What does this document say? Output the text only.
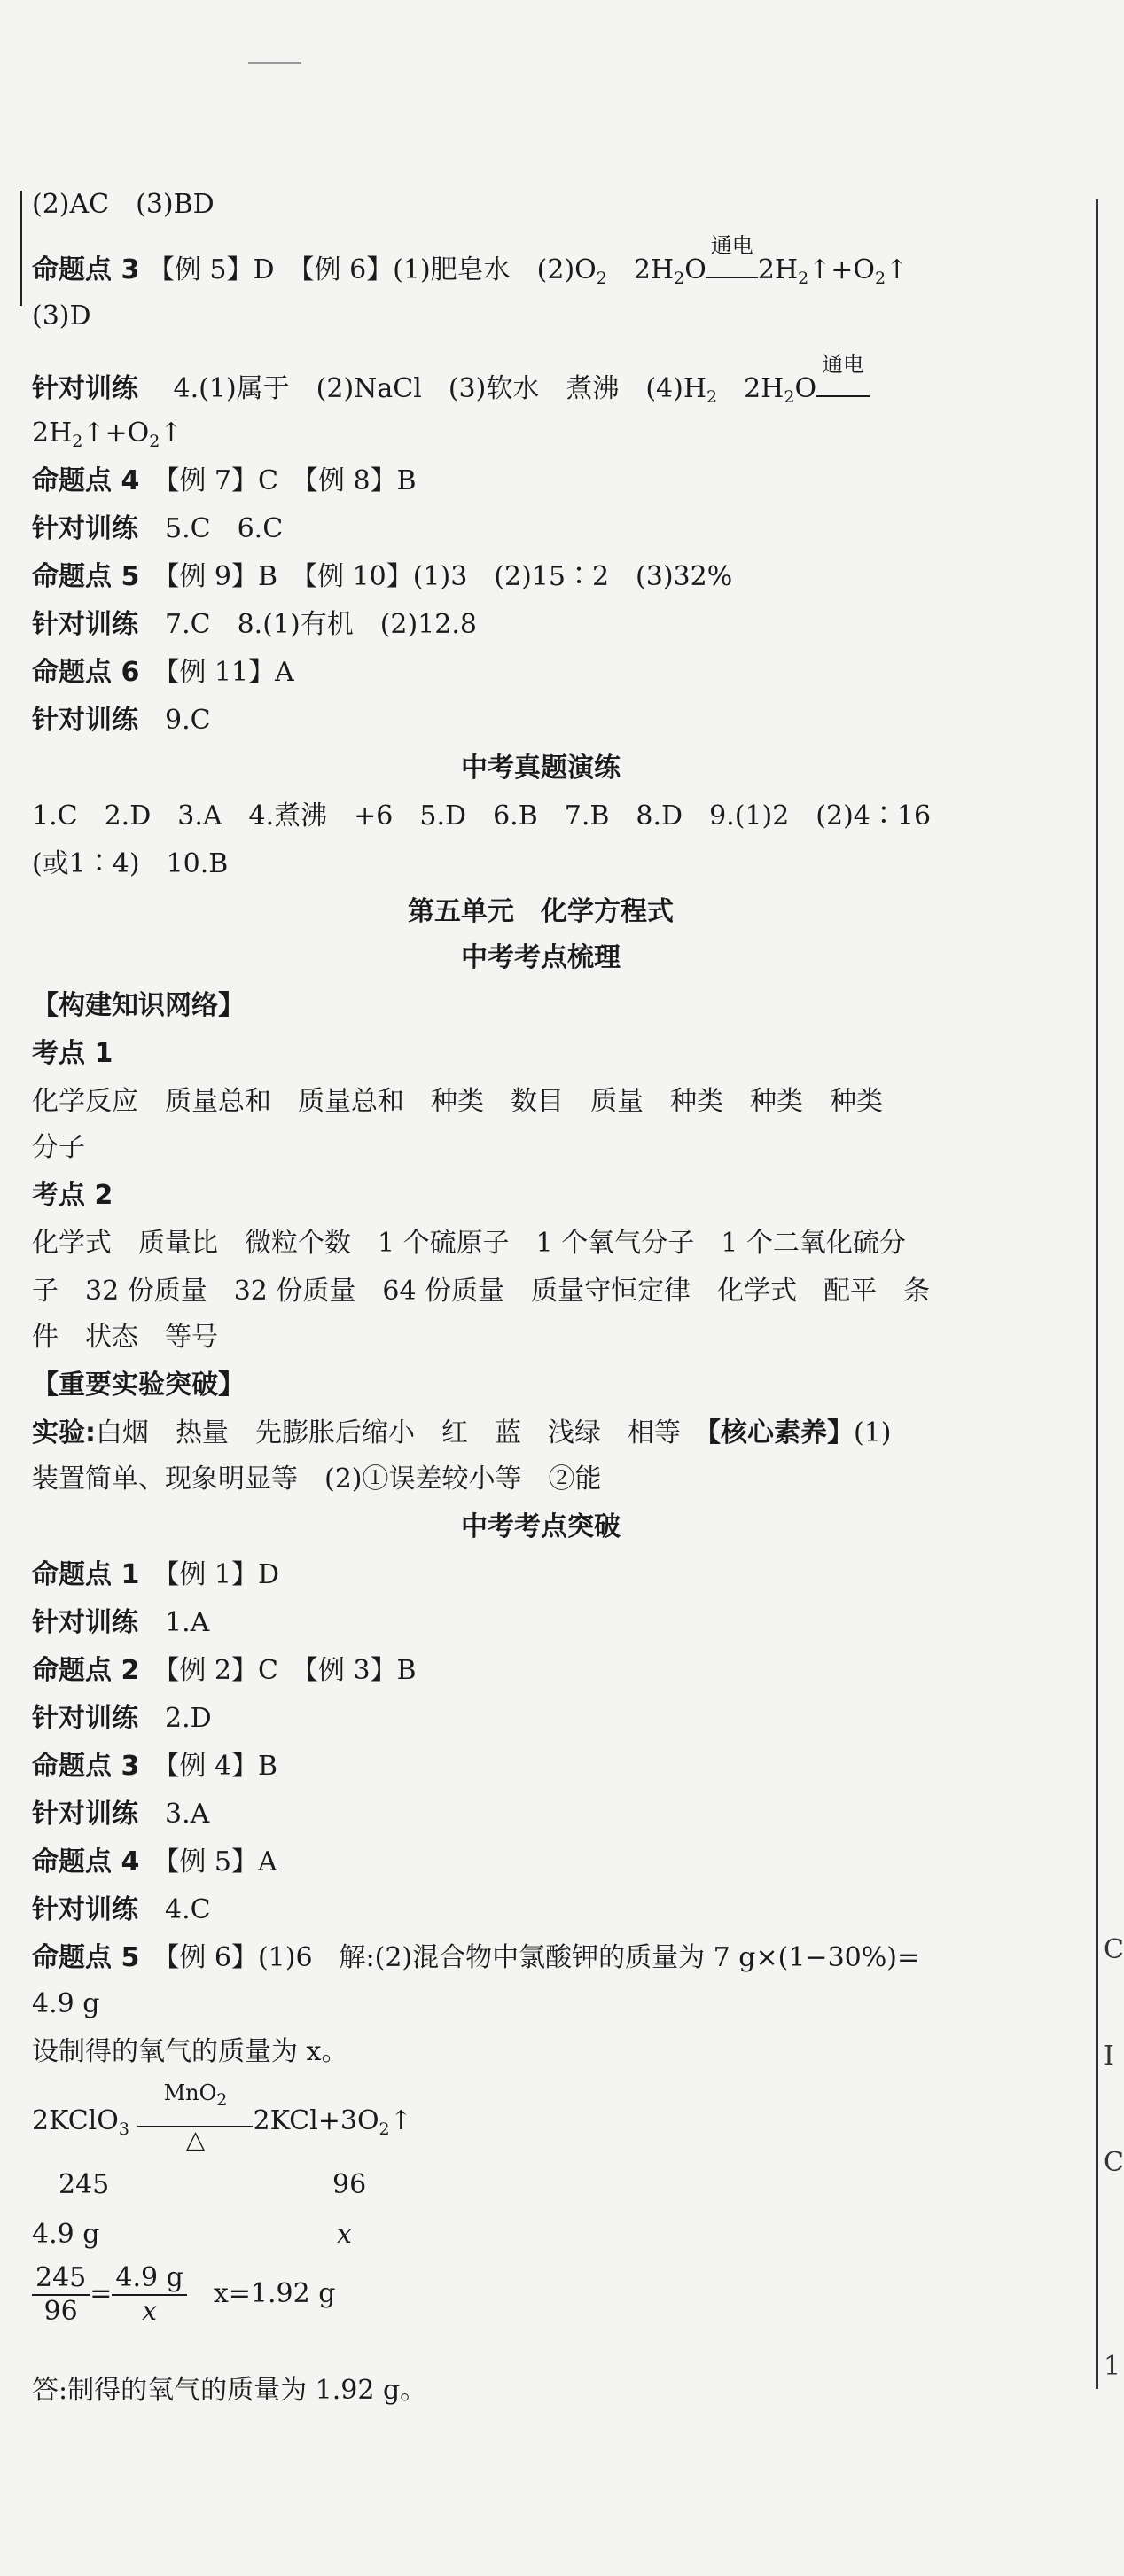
(2)AC　(3)BD
命题点 3 【例 5】D　【例 6】(1)肥皂水　$(2)O_2$　$2H_2O$
通电
$2H_2↑+O_2↑$
(3)D
针对训练　 4.(1)属于　(2)NaCl　(3)软水　煮沸　$(4)H_2$　$2H_2O$
通电
$2H_2↑+O_2↑$
命题点 4　 【例 7】C　【例 8】B
针对训练　 5.C　6.C
命题点 5　 【例 9】B　【例 10】(1)3　(2)15∶2　(3)32%
针对训练　 7.C　8.(1)有机　(2)12.8
命题点 6　 【例 11】A
针对训练　 9.C
中考真题演练
1.C　2.D　3.A　4.煮沸　+6　5.D　6.B　7.B　8.D　9.(1)2　(2)4∶16
(或1∶4)　10.B
第五单元　化学方程式
中考考点梳理
【构建知识网络】
考点 1
化学反应　质量总和　质量总和　种类　数目　质量　种类　种类　种类
分子
考点 2
化学式　质量比　微粒个数　1 个硫原子　1 个氧气分子　1 个二氧化硫分
子　32 份质量　32 份质量　64 份质量　质量守恒定律　化学式　配平　条
件　状态　等号
【重要实验突破】
实验:白烟　热量　先膨胀后缩小　红　蓝　浅绿　相等　 【核心素养】(1)
装置简单、现象明显等　(2)①误差较小等　②能
中考考点突破
命题点 1　 【例 1】D
针对训练　 1.A
命题点 2　 【例 2】C　【例 3】B
针对训练　 2.D
命题点 3　 【例 4】B
针对训练　 3.A
命题点 4　 【例 5】A
针对训练　 4.C
命题点 5　 【例 6】(1)6　解:(2)混合物中氯酸钾的质量为 7 g×(1−30%)=
4.9 g
设制得的氧气的质量为 x。
2KClO$_3$
MnO$_2$
△
$2KCl+3O_2↑$
245	96
4.9 g	x
$\frac{245}{96} = \frac{4.9 g}{x}$
　 x=1.92 g
答:制得的氧气的质量为 1.92 g。
C
I
C
1
